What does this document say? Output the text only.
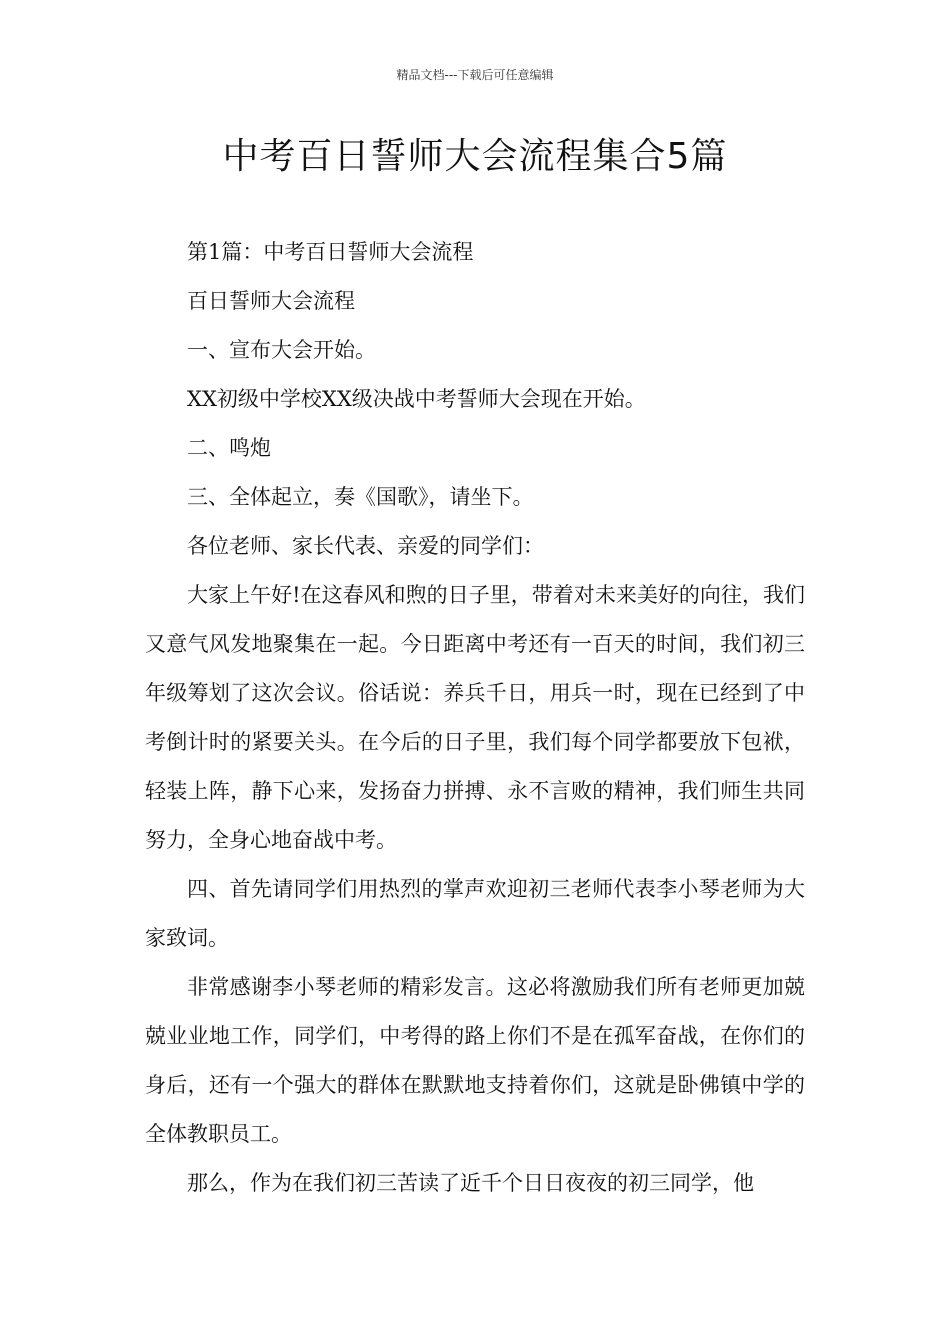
精品文档---下载后可任意编辑
中考百日誓师大会流程集合5篇

第1篇：中考百日誓师大会流程

百日誓师大会流程

一、宣布大会开始。

XX初级中学校XX级决战中考誓师大会现在开始。

二、鸣炮

三、全体起立，奏《国歌》，请坐下。

各位老师、家长代表、亲爱的同学们：

大家上午好!在这春风和煦的日子里，带着对未来美好的向往，我们又意气风发地聚集在一起。今日距离中考还有一百天的时间，我们初三年级筹划了这次会议。俗话说：养兵千日，用兵一时，现在已经到了中考倒计时的紧要关头。在今后的日子里，我们每个同学都要放下包袱，轻装上阵，静下心来，发扬奋力拼搏、永不言败的精神，我们师生共同努力，全身心地奋战中考。

四、首先请同学们用热烈的掌声欢迎初三老师代表李小琴老师为大家致词。

非常感谢李小琴老师的精彩发言。这必将激励我们所有老师更加兢兢业业地工作，同学们，中考得的路上你们不是在孤军奋战，在你们的身后，还有一个强大的群体在默默地支持着你们，这就是卧佛镇中学的全体教职员工。

那么，作为在我们初三苦读了近千个日日夜夜的初三同学，他
